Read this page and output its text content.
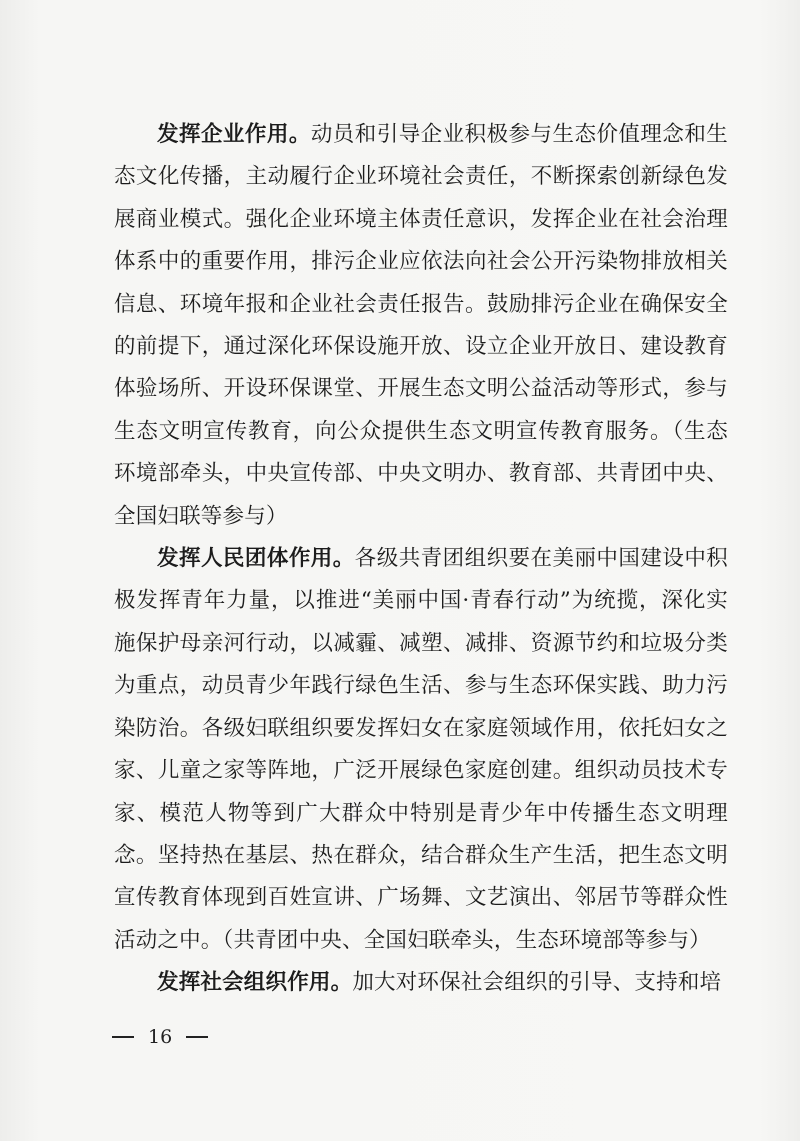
发挥企业作用。动员和引导企业积极参与生态价值理念和生态文化传播，主动履行企业环境社会责任，不断探索创新绿色发展商业模式。强化企业环境主体责任意识，发挥企业在社会治理体系中的重要作用，排污企业应依法向社会公开污染物排放相关信息、环境年报和企业社会责任报告。鼓励排污企业在确保安全的前提下，通过深化环保设施开放、设立企业开放日、建设教育体验场所、开设环保课堂、开展生态文明公益活动等形式，参与生态文明宣传教育，向公众提供生态文明宣传教育服务。（生态环境部牵头，中央宣传部、中央文明办、教育部、共青团中央、全国妇联等参与）

发挥人民团体作用。各级共青团组织要在美丽中国建设中积极发挥青年力量，以推进“美丽中国·青春行动”为统揽，深化实施保护母亲河行动，以减霾、减塑、减排、资源节约和垃圾分类为重点，动员青少年践行绿色生活、参与生态环保实践、助力污染防治。各级妇联组织要发挥妇女在家庭领域作用，依托妇女之家、儿童之家等阵地，广泛开展绿色家庭创建。组织动员技术专家、模范人物等到广大群众中特别是青少年中传播生态文明理念。坚持热在基层、热在群众，结合群众生产生活，把生态文明宣传教育体现到百姓宣讲、广场舞、文艺演出、邻居节等群众性活动之中。（共青团中央、全国妇联牵头，生态环境部等参与）

发挥社会组织作用。加大对环保社会组织的引导、支持和培

16
